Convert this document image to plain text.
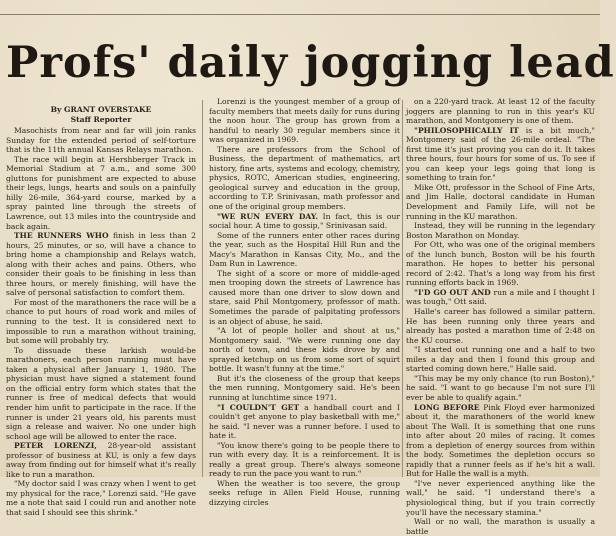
Profs' daily jogging lead
By GRANT OVERSTAKE
Staff Reporter

Masochists from near and far will join ranks Sunday for the extended period of self-torture that is the 11th annual Kansas Relays marathon.

The race will begin at Hershberger Track in Memorial Stadium at 7 a.m., and some 300 gluttons for punishment are expected to abuse their legs, lungs, hearts and souls on a painfully hilly 26-mile, 364-yard course, marked by a spray painted line through the streets of Lawrence, out 13 miles into the countryside and back again.

THE RUNNERS WHO finish in less than 2 hours, 25 minutes, or so, will have a chance to bring home a championship and Relays watch, along with their aches and pains. Others, who consider their goals to be finishing in less than three hours, or merely finishing, will have the salve of personal satisfaction to comfort them.

For most of the marathoners the race will be a chance to put hours of road work and miles of running to the test. It is considered next to impossible to run a marathon without training, but some will probably try.

To dissuade these larkish would-be marathoners, each person running must have taken a physical after January 1, 1980. The physician must have signed a statement found on the official entry form which states that the runner is free of medical defects that would render him unfit to participate in the race. If the runner is under 21 years old, his parents must sign a release and waiver. No one under high school age will be allowed to enter the race.

PETER LORENZI, 28-year-old assistant professor of business at KU, is only a few days away from finding out for himself what it's really like to run a marathon.

"My doctor said I was crazy when I went to get my physical for the race," Lorenzi said. "He gave me a note that said I could run and another note that said I should see this shrink."

Lorenzi is the youngest member of a group of faculty members that meets daily for runs during the noon hour. The group has grown from a handful to nearly 30 regular members since it was organized in 1969.

There are professors from the School of Business, the department of mathematics, art history, fine arts, systems and ecology, chemistry, physics, ROTC, American studies, engineering, geological survey and education in the group, according to T.P. Srinivasan, math professor and one of the original group members.

"WE RUN EVERY DAY. In fact, this is our social hour. A time to gossip," Srinivasan said.

Some of the runners enter other races during the year, such as the Hospital Hill Run and the Macy's Marathon in Kansas City, Mo., and the Dam Run in Lawrence.

The sight of a score or more of middle-aged men trooping down the streets of Lawrence has caused more than one driver to slow down and stare, said Phil Montgomery, professor of math. Sometimes the parade of palpitating professors is an object of abuse, he said.

"A lot of people holler and shout at us," Montgomery said. "We were running one day north of town, and these kids drove by and sprayed ketchup on us from some sort of squirt bottle. It wasn't funny at the time."

But it's the closeness of the group that keeps the men running, Montgomery said. He's been running at lunchtime since 1971.

"I COULDN'T GET a handball court and I couldn't get anyone to play basketball with me," he said. "I never was a runner before. I used to hate it.

"You know there's going to be people there to run with every day. It is a reinforcement. It is really a great group. There's always someone ready to run the pace you want to run."

When the weather is too severe, the group seeks refuge in Allen Field House, running dizzying circles

on a 220-yard track. At least 12 of the faculty joggers are planning to run in this year's KU marathon, and Montgomery is one of them.

"PHILOSOPHICALLY IT is a bit much," Montgomery said of the 26-mile ordeal. "The first time it's just proving you can do it. It takes three hours, four hours for some of us. To see if you can keep your legs going that long is something to train for."

Mike Ott, professor in the School of Fine Arts, and Jim Halle, doctoral candidate in Human Development and Family Life, will not be running in the KU marathon.

Instead, they will be running in the legendary Boston Marathon on Monday.

For Ott, who was one of the original members of the lunch bunch, Boston will be his fourth marathon. He hopes to better his personal record of 2:42. That's a long way from his first running efforts back in 1969.

"I'D GO OUT AND run a mile and I thought I was tough," Ott said.

Halle's career has followed a similar pattern. He has been running only three years and already has posted a marathon time of 2:48 on the KU course.

"I started out running one and a half to two miles a day and then I found this group and started coming down here," Halle said.

"This may be my only chance (to run Boston)," he said. "I want to go because I'm not sure I'll ever be able to qualify again."

LONG BEFORE Pink Floyd ever harmonized about it, the marathoners of the world knew about The Wall. It is something that one runs into after about 20 miles of racing. It comes from a depletion of energy sources from within the body. Sometimes the depletion occurs so rapidly that a runner feels as if he's hit a wall. But for Halle the wall is a myth.

"I've never experienced anything like the wall," he said. "I understand there's a physiological thing, but if you train correctly you'll have the necessary stamina."

Wall or no wall, the marathon is usually a battle
